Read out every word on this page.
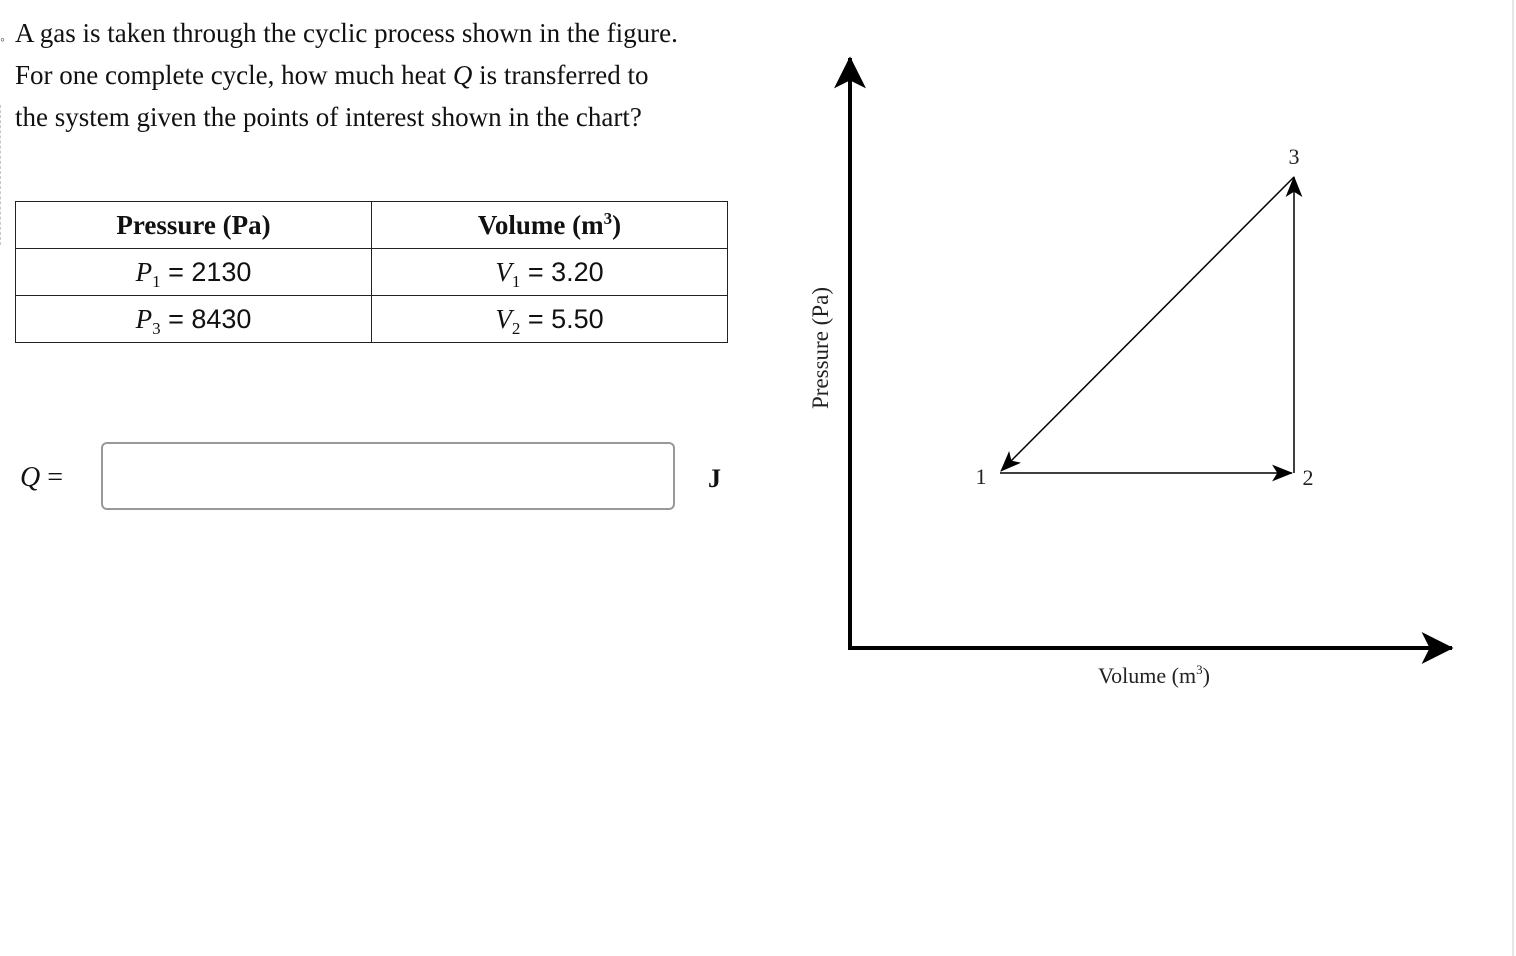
◦ A gas is taken through the cyclic process shown in the figure.

For one complete cycle, how much heat Q is transferred to

the system given the points of interest shown in the chart?

Pressure (Pa)	Volume $(m^3)$
$P_1 = 2130$	$V_1 = 3.20$
$P_3 = 8430$	$V_2 = 5.50$
Q =	J
Pressure (Pa)
Volume $(m^3)$
1	2
3
